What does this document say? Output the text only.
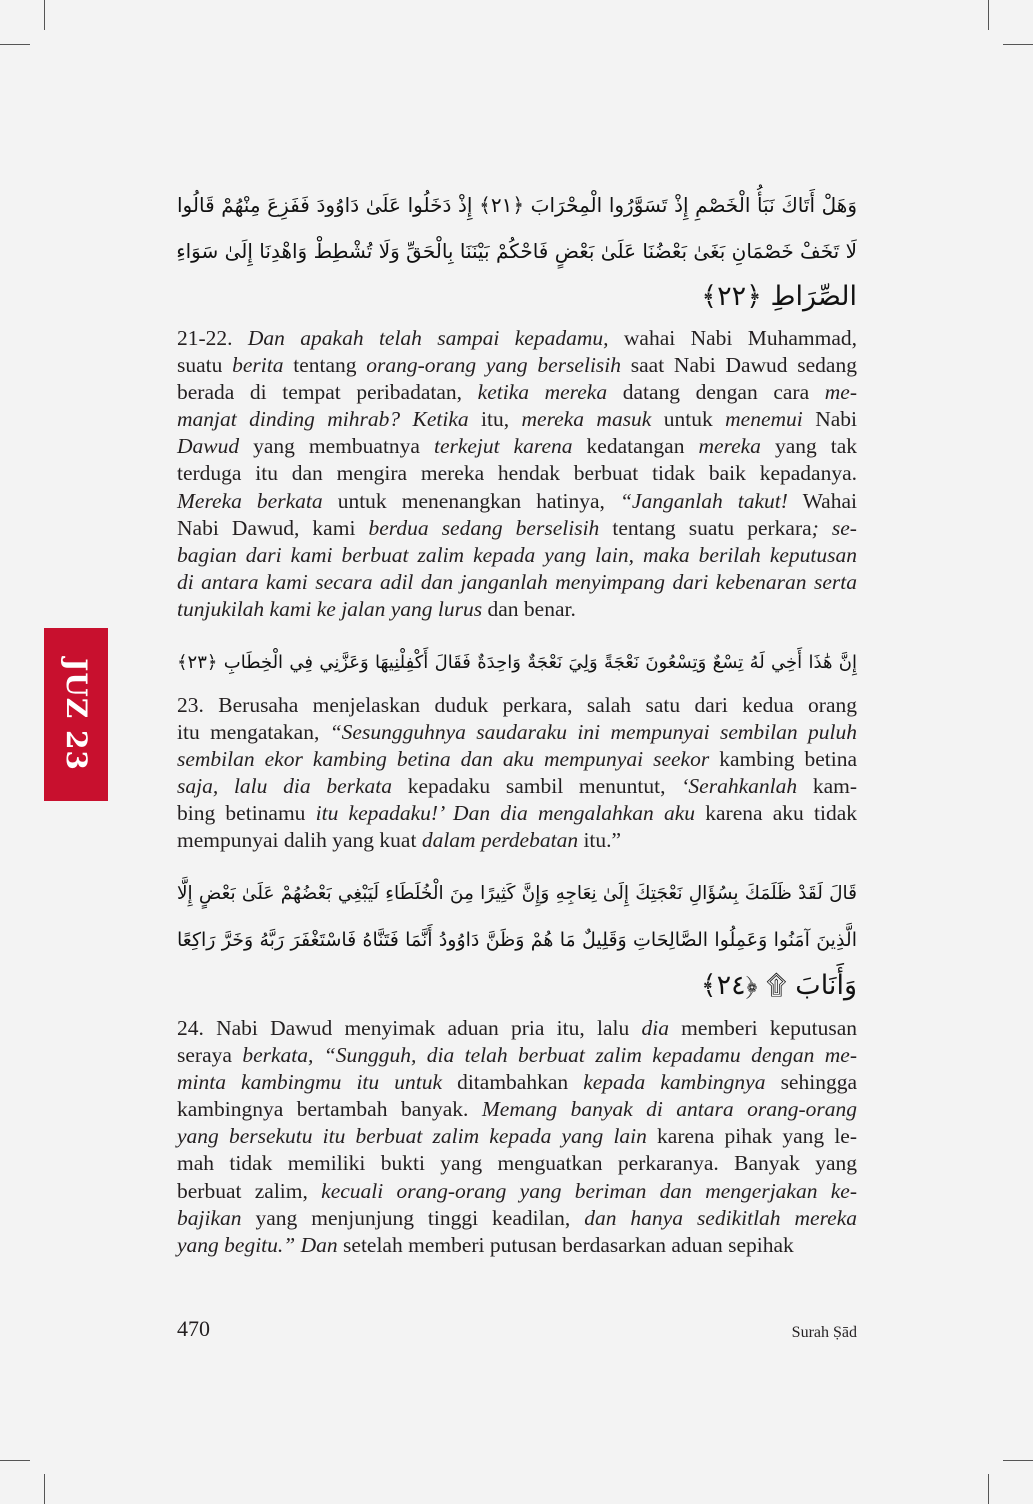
JUZ 23
وَهَلْ أَتَاكَ نَبَأُ الْخَصْمِ إِذْ تَسَوَّرُوا الْمِحْرَابَ ﴿٢١﴾ إِذْ دَخَلُوا عَلَىٰ دَاوُودَ فَفَزِعَ مِنْهُمْ قَالُوا
لَا تَخَفْ خَصْمَانِ بَغَىٰ بَعْضُنَا عَلَىٰ بَعْضٍ فَاحْكُمْ بَيْنَنَا بِالْحَقِّ وَلَا تُشْطِطْ وَاهْدِنَا إِلَىٰ سَوَاءِ
الصِّرَاطِ ﴿٢٢﴾
21-22. Dan apakah telah sampai kepadamu, wahai Nabi Muhammad,
suatu berita tentang orang-orang yang berselisih saat Nabi Dawud sedang
berada di tempat peribadatan, ketika mereka datang dengan cara me-
manjat dinding mihrab? Ketika itu, mereka masuk untuk menemui Nabi
Dawud yang membuatnya terkejut karena kedatangan mereka yang tak
terduga itu dan mengira mereka hendak berbuat tidak baik kepadanya.
Mereka berkata untuk menenangkan hatinya, “Janganlah takut! Wahai
Nabi Dawud, kami berdua sedang berselisih tentang suatu perkara; se-
bagian dari kami berbuat zalim kepada yang lain, maka berilah keputusan
di antara kami secara adil dan janganlah menyimpang dari kebenaran serta
tunjukilah kami ke jalan yang lurus dan benar.
إِنَّ هَٰذَا أَخِي لَهُ تِسْعٌ وَتِسْعُونَ نَعْجَةً وَلِيَ نَعْجَةٌ وَاحِدَةٌ فَقَالَ أَكْفِلْنِيهَا وَعَزَّنِي فِي الْخِطَابِ ﴿٢٣﴾
23. Berusaha menjelaskan duduk perkara, salah satu dari kedua orang
itu mengatakan, “Sesungguhnya saudaraku ini mempunyai sembilan puluh
sembilan ekor kambing betina dan aku mempunyai seekor kambing betina
saja, lalu dia berkata kepadaku sambil menuntut, ‘Serahkanlah kam-
bing betinamu itu kepadaku!’ Dan dia mengalahkan aku karena aku tidak
mempunyai dalih yang kuat dalam perdebatan itu.”
قَالَ لَقَدْ ظَلَمَكَ بِسُؤَالِ نَعْجَتِكَ إِلَىٰ نِعَاجِهِ وَإِنَّ كَثِيرًا مِنَ الْخُلَطَاءِ لَيَبْغِي بَعْضُهُمْ عَلَىٰ بَعْضٍ إِلَّا
الَّذِينَ آمَنُوا وَعَمِلُوا الصَّالِحَاتِ وَقَلِيلٌ مَا هُمْ وَظَنَّ دَاوُودُ أَنَّمَا فَتَنَّاهُ فَاسْتَغْفَرَ رَبَّهُ وَخَرَّ رَاكِعًا
وَأَنَابَ ۩ ﴿٢٤﴾
24. Nabi Dawud menyimak aduan pria itu, lalu dia memberi keputusan
seraya berkata, “Sungguh, dia telah berbuat zalim kepadamu dengan me-
minta kambingmu itu untuk ditambahkan kepada kambingnya sehingga
kambingnya bertambah banyak. Memang banyak di antara orang-orang
yang bersekutu itu berbuat zalim kepada yang lain karena pihak yang le-
mah tidak memiliki bukti yang menguatkan perkaranya. Banyak yang
berbuat zalim, kecuali orang-orang yang beriman dan mengerjakan ke-
bajikan yang menjunjung tinggi keadilan, dan hanya sedikitlah mereka
yang begitu.” Dan setelah memberi putusan berdasarkan aduan sepihak
470	Surah Ṣād
